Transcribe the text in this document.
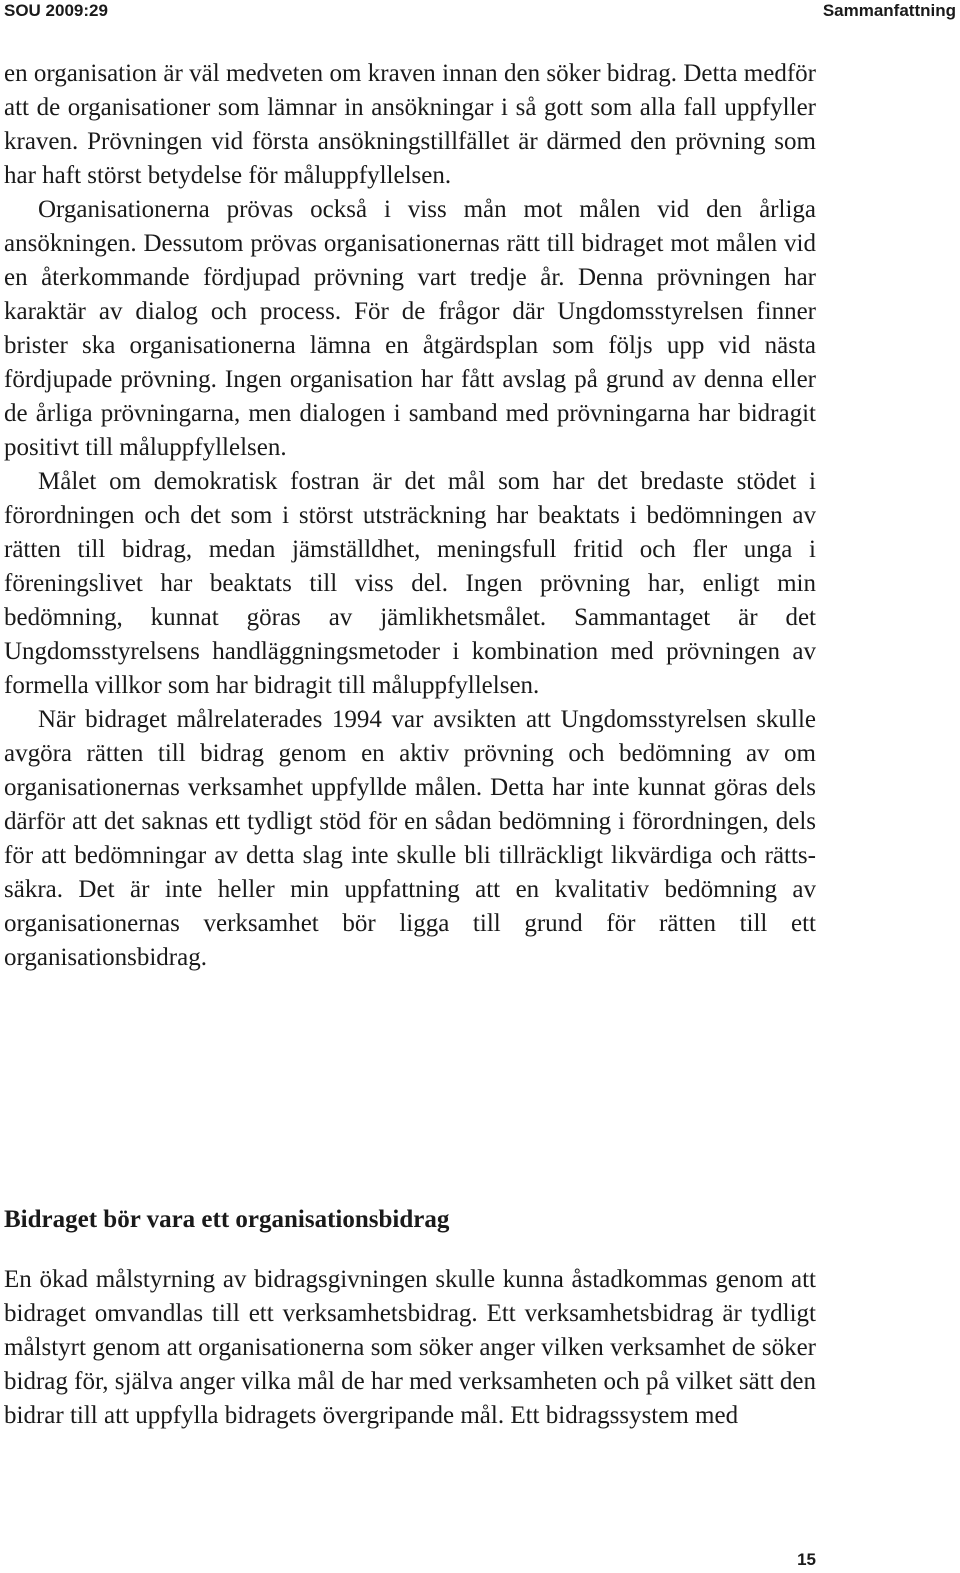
SOU 2009:29	Sammanfattning

en organisation är väl medveten om kraven innan den söker bidrag. Detta medför att de organisationer som lämnar in ansökningar i så gott som alla fall uppfyller kraven. Prövningen vid första ansökningstillfället är därmed den prövning som har haft störst betydelse för måluppfyllelsen.

Organisationerna prövas också i viss mån mot målen vid den årliga ansökningen. Dessutom prövas organisationernas rätt till bidraget mot målen vid en återkommande fördjupad prövning vart tredje år. Denna prövningen har karaktär av dialog och process. För de frågor där Ungdomsstyrelsen finner brister ska organisationerna lämna en åtgärdsplan som följs upp vid nästa fördjupade prövning. Ingen organisation har fått avslag på grund av denna eller de årliga prövningarna, men dialogen i samband med prövningarna har bidragit positivt till måluppfyllelsen.

Målet om demokratisk fostran är det mål som har det bredaste stödet i förordningen och det som i störst utsträckning har beaktats i bedömningen av rätten till bidrag, medan jämställdhet, meningsfull fritid och fler unga i föreningslivet har beaktats till viss del. Ingen prövning har, enligt min bedömning, kunnat göras av jämlikhetsmålet. Sammantaget är det Ungdomsstyrelsens handläggningsmetoder i kombination med prövningen av formella villkor som har bidragit till måluppfyllelsen.

När bidraget målrelaterades 1994 var avsikten att Ungdomsstyrelsen skulle avgöra rätten till bidrag genom en aktiv prövning och bedömning av om organisationernas verksamhet uppfyllde målen. Detta har inte kunnat göras dels därför att det saknas ett tydligt stöd för en sådan bedömning i förordningen, dels för att bedömningar av detta slag inte skulle bli tillräckligt likvärdiga och rättssäkra. Det är inte heller min uppfattning att en kvalitativ bedömning av organisationernas verksamhet bör ligga till grund för rätten till ett organisationsbidrag.

Bidraget bör vara ett organisationsbidrag

En ökad målstyrning av bidragsgivningen skulle kunna åstadkommas genom att bidraget omvandlas till ett verksamhetsbidrag. Ett verksamhetsbidrag är tydligt målstyrt genom att organisationerna som söker anger vilken verksamhet de söker bidrag för, själva anger vilka mål de har med verksamheten och på vilket sätt den bidrar till att uppfylla bidragets övergripande mål. Ett bidragssystem med

15
